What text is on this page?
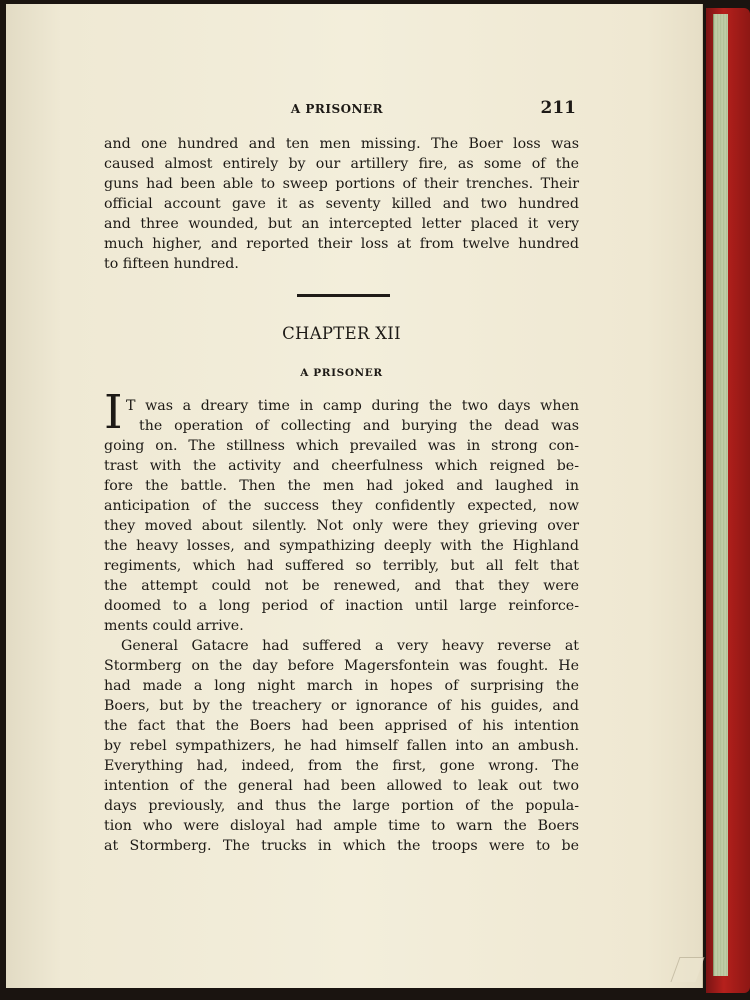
A PRISONER	211
and one hundred and ten men missing. The Boer loss was
caused almost entirely by our artillery fire, as some of the
guns had been able to sweep portions of their trenches. Their
official account gave it as seventy killed and two hundred
and three wounded, but an intercepted letter placed it very
much higher, and reported their loss at from twelve hundred
to fifteen hundred.
CHAPTER XII
A PRISONER
I T was a dreary time in camp during the two days when
the operation of collecting and burying the dead was
going on. The stillness which prevailed was in strong con-
trast with the activity and cheerfulness which reigned be-
fore the battle. Then the men had joked and laughed in
anticipation of the success they confidently expected, now
they moved about silently. Not only were they grieving over
the heavy losses, and sympathizing deeply with the Highland
regiments, which had suffered so terribly, but all felt that
the attempt could not be renewed, and that they were
doomed to a long period of inaction until large reinforce-
ments could arrive.
General Gatacre had suffered a very heavy reverse at
Stormberg on the day before Magersfontein was fought. He
had made a long night march in hopes of surprising the
Boers, but by the treachery or ignorance of his guides, and
the fact that the Boers had been apprised of his intention
by rebel sympathizers, he had himself fallen into an ambush.
Everything had, indeed, from the first, gone wrong. The
intention of the general had been allowed to leak out two
days previously, and thus the large portion of the popula-
tion who were disloyal had ample time to warn the Boers
at Stormberg. The trucks in which the troops were to be
